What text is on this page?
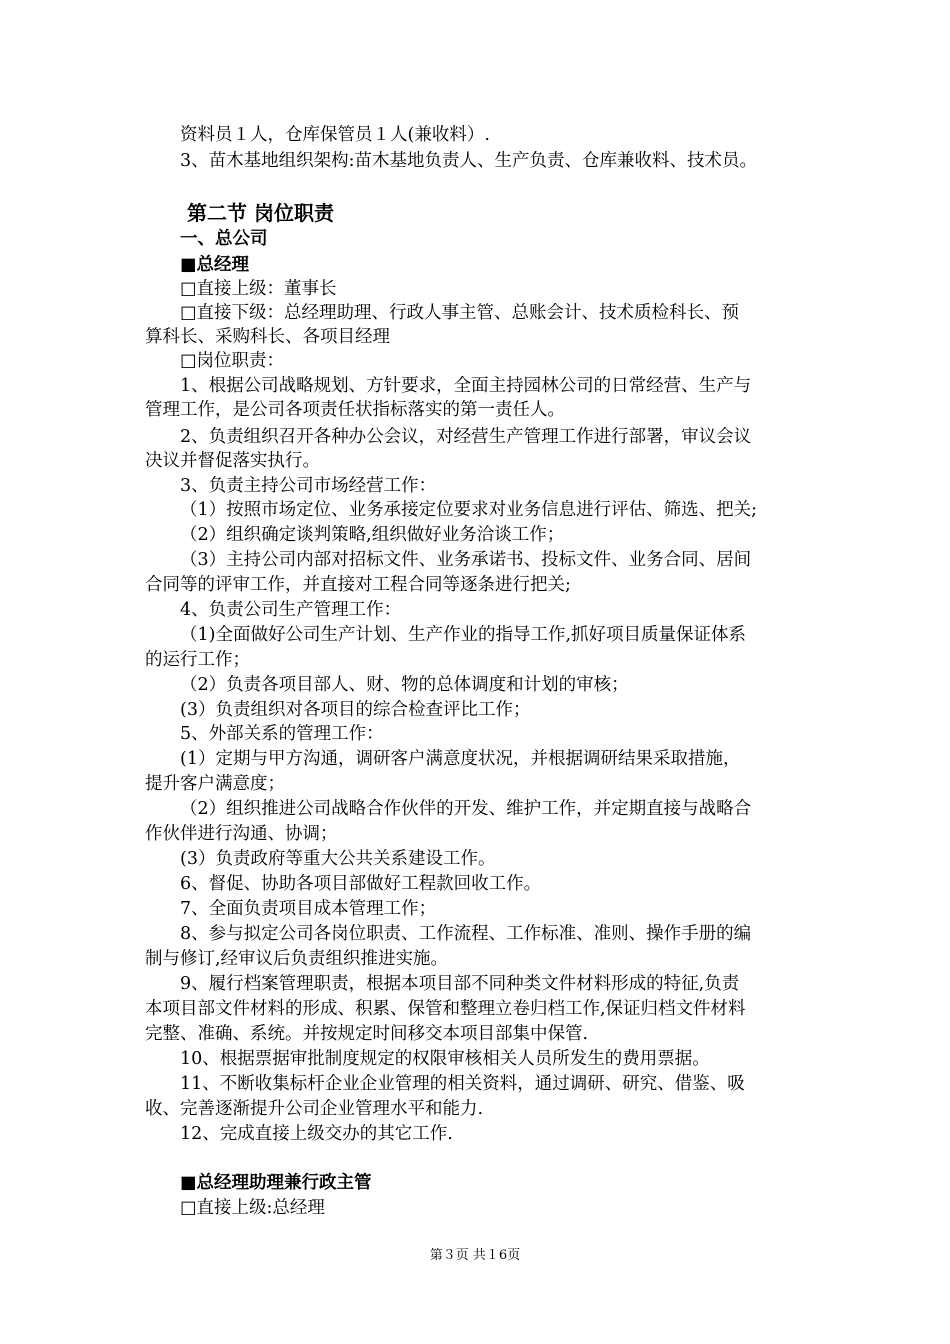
资料员１人，仓库保管员１人(兼收料）.
3、苗木基地组织架构:苗木基地负责人、生产负责、仓库兼收料、技术员。
第二节 岗位职责
一、总公司
■总经理
□直接上级：董事长
□直接下级：总经理助理、行政人事主管、总账会计、技术质检科长、预
算科长、采购科长、各项目经理
□岗位职责：
1、根据公司战略规划、方针要求，全面主持园林公司的日常经营、生产与
管理工作，是公司各项责任状指标落实的第一责任人。
2、负责组织召开各种办公会议，对经营生产管理工作进行部署，审议会议
决议并督促落实执行。
3、负责主持公司市场经营工作：
（1）按照市场定位、业务承接定位要求对业务信息进行评估、筛选、把关;
（2）组织确定谈判策略,组织做好业务洽谈工作；
（3）主持公司内部对招标文件、业务承诺书、投标文件、业务合同、居间
合同等的评审工作，并直接对工程合同等逐条进行把关;
4、负责公司生产管理工作：
（1)全面做好公司生产计划、生产作业的指导工作,抓好项目质量保证体系
的运行工作；
（2）负责各项目部人、财、物的总体调度和计划的审核；
(3）负责组织对各项目的综合检查评比工作；
5、外部关系的管理工作：
(1）定期与甲方沟通，调研客户满意度状况，并根据调研结果采取措施，
提升客户满意度；
（2）组织推进公司战略合作伙伴的开发、维护工作，并定期直接与战略合
作伙伴进行沟通、协调；
(3）负责政府等重大公共关系建设工作。
6、督促、协助各项目部做好工程款回收工作。
7、全面负责项目成本管理工作；
8、参与拟定公司各岗位职责、工作流程、工作标准、准则、操作手册的编
制与修订,经审议后负责组织推进实施。
9、履行档案管理职责，根据本项目部不同种类文件材料形成的特征,负责
本项目部文件材料的形成、积累、保管和整理立卷归档工作,保证归档文件材料
完整、准确、系统。并按规定时间移交本项目部集中保管.
10、根据票据审批制度规定的权限审核相关人员所发生的费用票据。
11、不断收集标杆企业企业管理的相关资料，通过调研、研究、借鉴、吸
收、完善逐渐提升公司企业管理水平和能力.
12、完成直接上级交办的其它工作.
■总经理助理兼行政主管
□直接上级:总经理
第３页 共１6页
